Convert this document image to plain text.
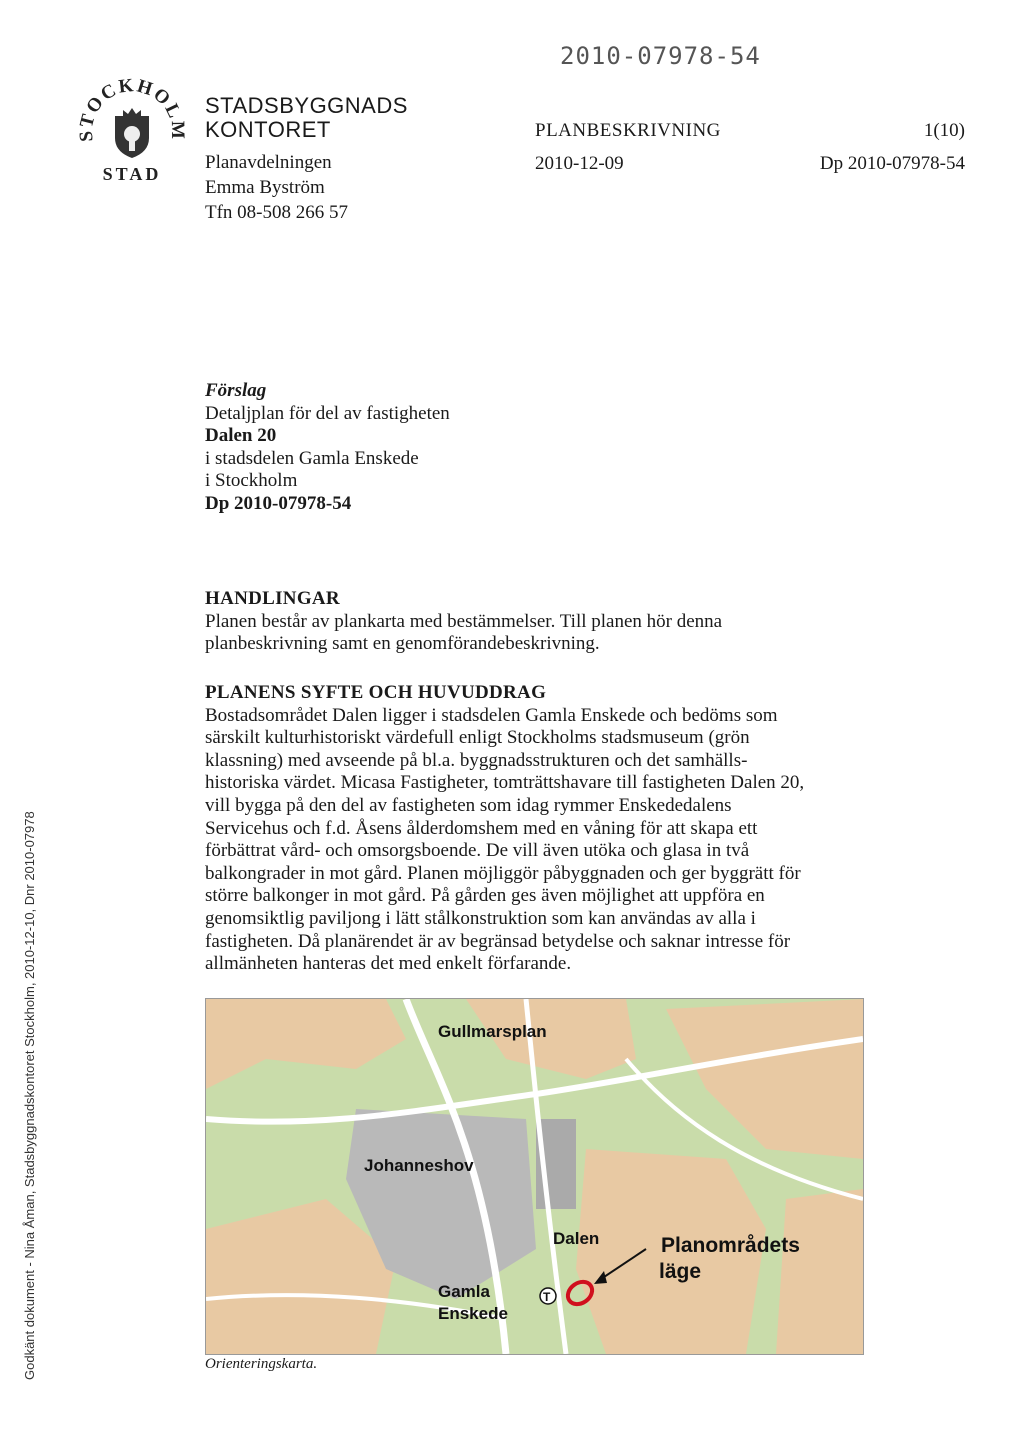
2010-07978-54
STOCKHOLM
STAD
STADSBYGGNADS
KONTORET
Planavdelningen
Emma Byström
Tfn 08-508 266 57
PLANBESKRIVNING	1(10)
2010-12-09	Dp 2010-07978-54
Förslag
Detaljplan för del av fastigheten
Dalen 20
i stadsdelen Gamla Enskede
i Stockholm
Dp 2010-07978-54
HANDLINGAR
Planen består av plankarta med bestämmelser. Till planen hör denna
planbeskrivning samt en genomförandebeskrivning.
PLANENS SYFTE OCH HUVUDDRAG
Bostadsområdet Dalen ligger i stadsdelen Gamla Enskede och bedöms som
särskilt kulturhistoriskt värdefull enligt Stockholms stadsmuseum (grön
klassning) med avseende på bl.a. byggnadsstrukturen och det samhälls-
historiska värdet. Micasa Fastigheter, tomträttshavare till fastigheten Dalen 20,
vill bygga på den del av fastigheten som idag rymmer Enskededalens
Servicehus och f.d. Åsens ålderdomshem med en våning för att skapa ett
förbättrat vård- och omsorgsboende. De vill även utöka och glasa in två
balkongrader in mot gård. Planen möjliggör påbyggnaden och ger byggrätt för
större balkonger in mot gård. På gården ges även möjlighet att uppföra en
genomsiktlig paviljong i lätt stålkonstruktion som kan användas av alla i
fastigheten. Då planärendet är av begränsad betydelse och saknar intresse för
allmänheten hanteras det med enkelt förfarande.
Gullmarsplan
Johanneshov
Dalen
Gamla
Enskede
Planområdets
läge
T
Orienteringskarta.
Godkänt dokument - Nina Åman, Stadsbyggnadskontoret Stockholm, 2010-12-10, Dnr 2010-07978
